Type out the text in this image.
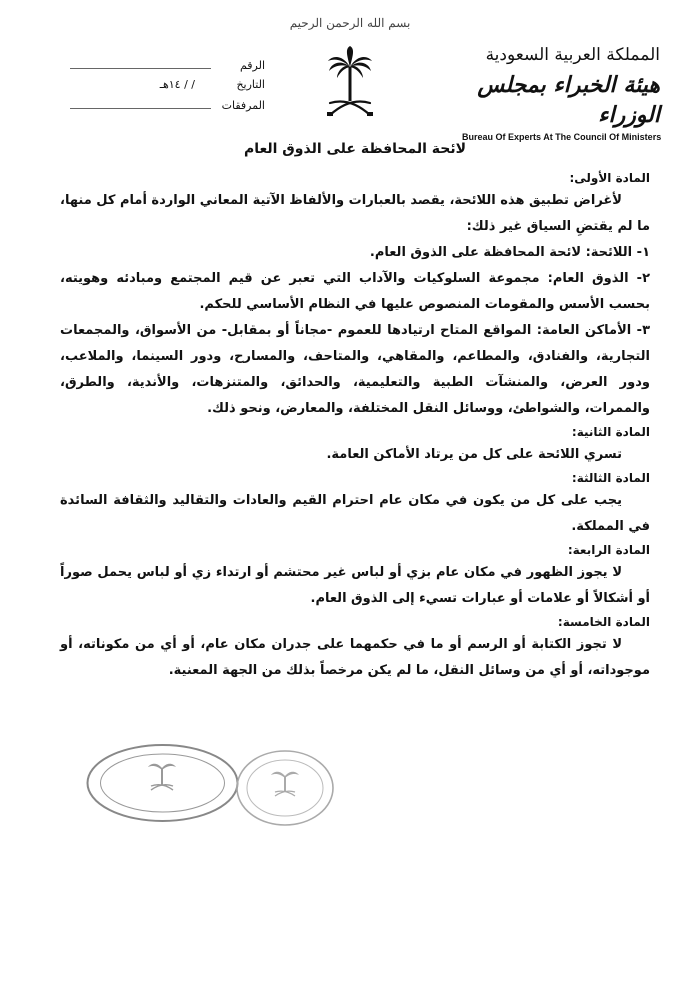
بسم الله الرحمن الرحيم
المملكة العربية السعودية
هيئة الخبراء بمجلس الوزراء
Bureau Of Experts At The Council Of Ministers
الرقم
التاريخ
/ / ١٤هـ
المرفقات

لائحة المحافظة على الذوق العام

المادة الأولى:

لأغراض تطبيق هذه اللائحة، يقصد بالعبارات والألفاظ الآتية المعاني الواردة أمام كل منها، ما لم يقتضِ السياق غير ذلك:

١- اللائحة: لائحة المحافظة على الذوق العام.

٢- الذوق العام: مجموعة السلوكيات والآداب التي تعبر عن قيم المجتمع ومبادئه وهويته، بحسب الأسس والمقومات المنصوص عليها في النظام الأساسي للحكم.

٣- الأماكن العامة: المواقع المتاح ارتيادها للعموم -مجاناً أو بمقابل- من الأسواق، والمجمعات التجارية، والفنادق، والمطاعم، والمقاهي، والمتاحف، والمسارح، ودور السينما، والملاعب، ودور العرض، والمنشآت الطبية والتعليمية، والحدائق، والمتنزهات، والأندية، والطرق، والممرات، والشواطئ، ووسائل النقل المختلفة، والمعارض، ونحو ذلك.

المادة الثانية:

تسري اللائحة على كل من يرتاد الأماكن العامة.

المادة الثالثة:

يجب على كل من يكون في مكان عام احترام القيم والعادات والتقاليد والثقافة السائدة في المملكة.

المادة الرابعة:

لا يجوز الظهور في مكان عام بزي أو لباس غير محتشم أو ارتداء زي أو لباس يحمل صوراً أو أشكالاً أو علامات أو عبارات تسيء إلى الذوق العام.

المادة الخامسة:

لا تجوز الكتابة أو الرسم أو ما في حكمهما على جدران مكان عام، أو أي من مكوناته، أو موجوداته، أو أي من وسائل النقل، ما لم يكن مرخصاً بذلك من الجهة المعنية.
